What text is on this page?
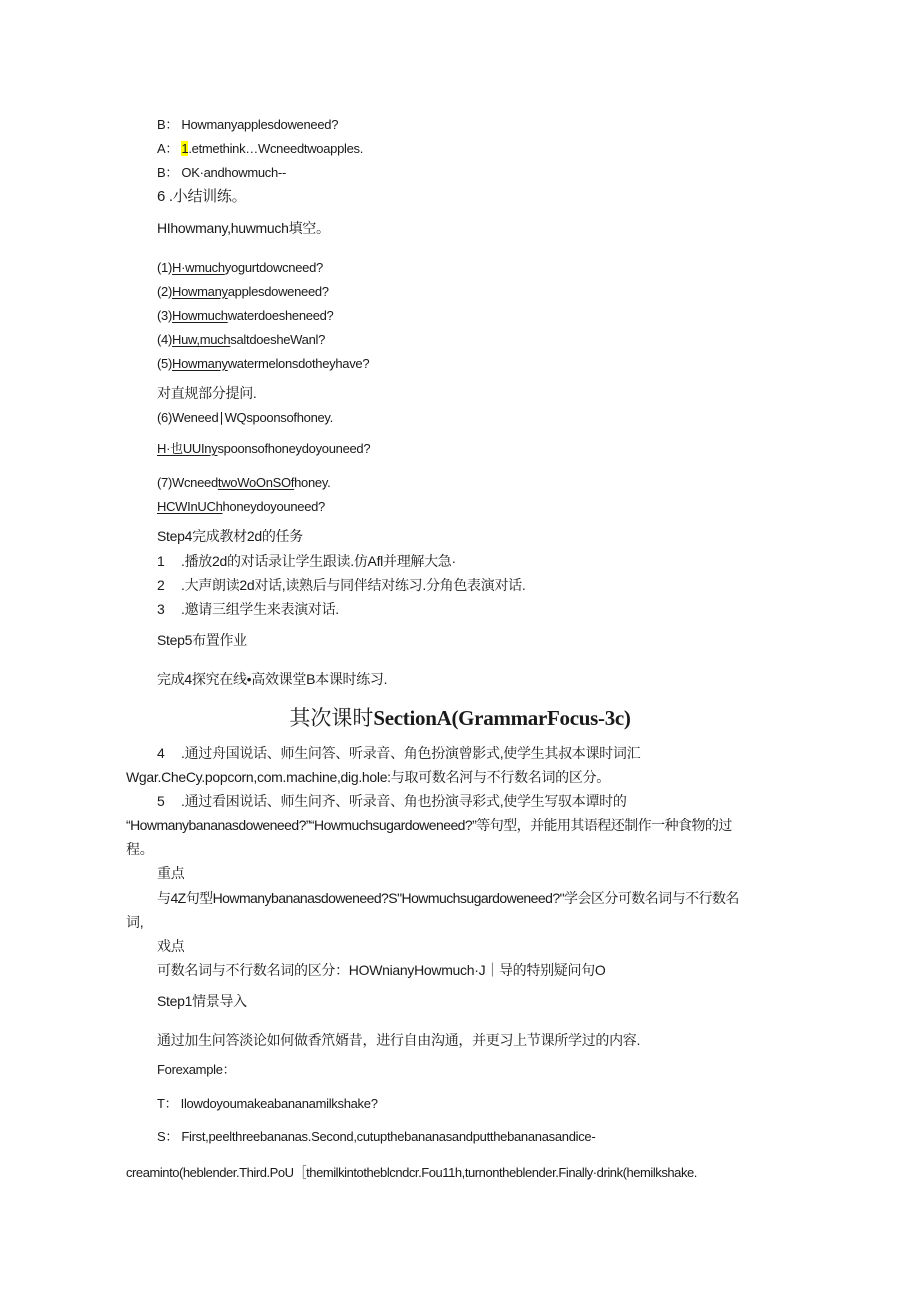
B： Howmanyapplesdoweneed?
A： 1.etmethink…Wcneedtwoapples.
B： OK·andhowmuch--
6 .小结训练。
HIhowmany,huwmuch填空。
(1)H·wmuchyogurtdowcneed?
(2)Howmanyapplesdoweneed?
(3)Howmuchwaterdoesheneed?
(4)Huw,muchsaltdoesheWanl?
(5)Howmanywatermelonsdotheyhave?
对直规部分提问.
(6)Weneed∣WQspoonsofhoney.
H·也UUInyspoonsofhoneydoyouneed?
(7)WcneedtwoWoOnSOfhoney.
HCWInUChhoneydoyouneed?
Step4完成教材2d的任务
1 .播放2d的对话录让学生跟读.仿Afl并理解大急·
2 .大声朗读2d对话,读熟后与同伴结对练习.分角色表演对话.
3 .邀请三组学生来表演对话.
Step5布置作业
完成4探究在线•高效课堂B本课时练习.
其次课时SectionA(GrammarFocus-3c)
4 .通过舟国说话、师生问答、听录音、角色扮演曾影式,使学生其叔本课时词汇
Wgar.CheCy.popcorn,com.machine,dig.hole:与取可数名河与不行数名词的区分。
5 .通过看困说话、师生问齐、听录音、角也扮演寻彩式,使学生写驭本谭时的
“Howmanybananasdoweneed?”“Howmuchsugardoweneed?”等句型，并能用其语程还制作一种食物的过
程。
重点
与4Z句型Howmanybananasdoweneed?S"Howmuchsugardoweneed?"学会区分可数名词与不行数名
词,
戏点
可数名词与不行数名词的区分：HOWnianyHowmuch·J｜导的特别疑问句O
Step1情景导入
通过加生问答淡论如何做香笊婿昔，进行自由沟通，并更习上节课所学过的内容.
Forexample：
T： Ilowdoyoumakeabananamilkshake?
S： First,peelthreebananas.Second,cutupthebananasandputthebananasandice-
creaminto(heblender.Third.PoU［themilkintotheblcndcr.Fou11h,turnontheblender.Finally·drink(hemilkshake.
